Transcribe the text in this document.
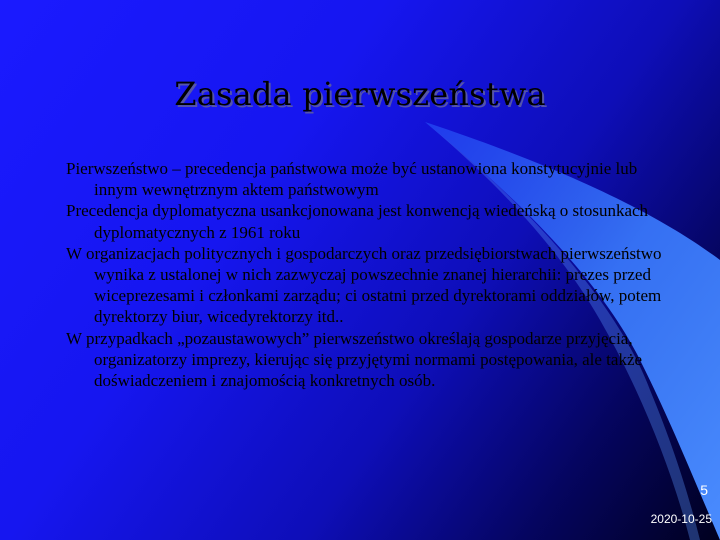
Zasada pierwszeństwa
Pierwszeństwo – precedencja państwowa może być ustanowiona konstytucyjnie lub innym wewnętrznym aktem państwowym
Precedencja dyplomatyczna usankcjonowana jest konwencją wiedeńską o stosunkach dyplomatycznych z 1961 roku
W organizacjach politycznych i gospodarczych oraz przedsiębiorstwach pierwszeństwo wynika z ustalonej w nich zazwyczaj powszechnie znanej hierarchii: prezes przed wiceprezesami i członkami zarządu; ci ostatni przed dyrektorami oddziałów, potem dyrektorzy biur, wicedyrektorzy itd..
W przypadkach „pozaustawowych” pierwszeństwo określają gospodarze przyjęcia, organizatorzy imprezy, kierując się przyjętymi normami postępowania, ale także doświadczeniem i znajomością konkretnych osób.
5
2020-10-25
